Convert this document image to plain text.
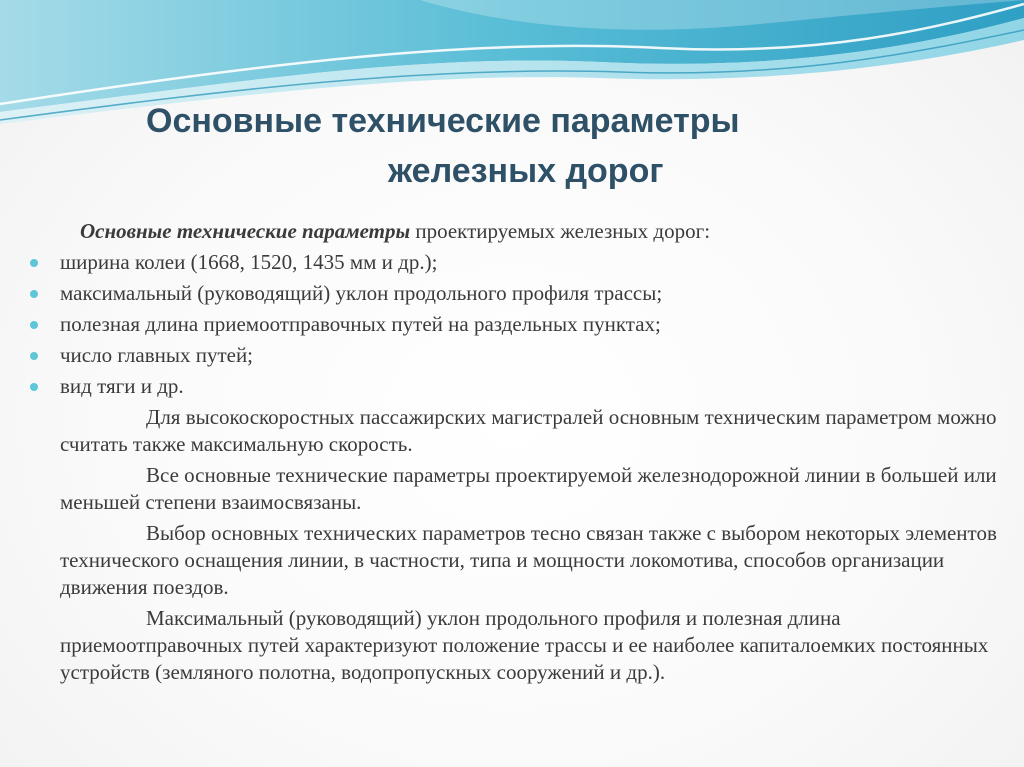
Основные технические параметры
железных дорог

Основные технические параметры проектируемых железных дорог:

ширина колеи (1668, 1520, 1435 мм и др.);
максимальный (руководящий) уклон продольного профиля трассы;
полезная длина приемоотправочных путей на раздельных пунктах;
число главных путей;
вид тяги и др.

Для высокоскоростных пассажирских магистралей основным техническим параметром можно считать также максимальную скорость.

Все основные технические параметры проектируемой железнодорожной линии в большей или меньшей степени взаимосвязаны.

Выбор основных технических параметров тесно связан также с выбором некоторых элементов технического оснащения линии, в частности, типа и мощности локомотива, способов организации движения поездов.

Максимальный (руководящий) уклон продольного профиля и полезная длина приемоотправочных путей характеризуют положение трассы и ее наиболее капиталоемких постоянных устройств (земляного полотна, водопропускных сооружений и др.).
